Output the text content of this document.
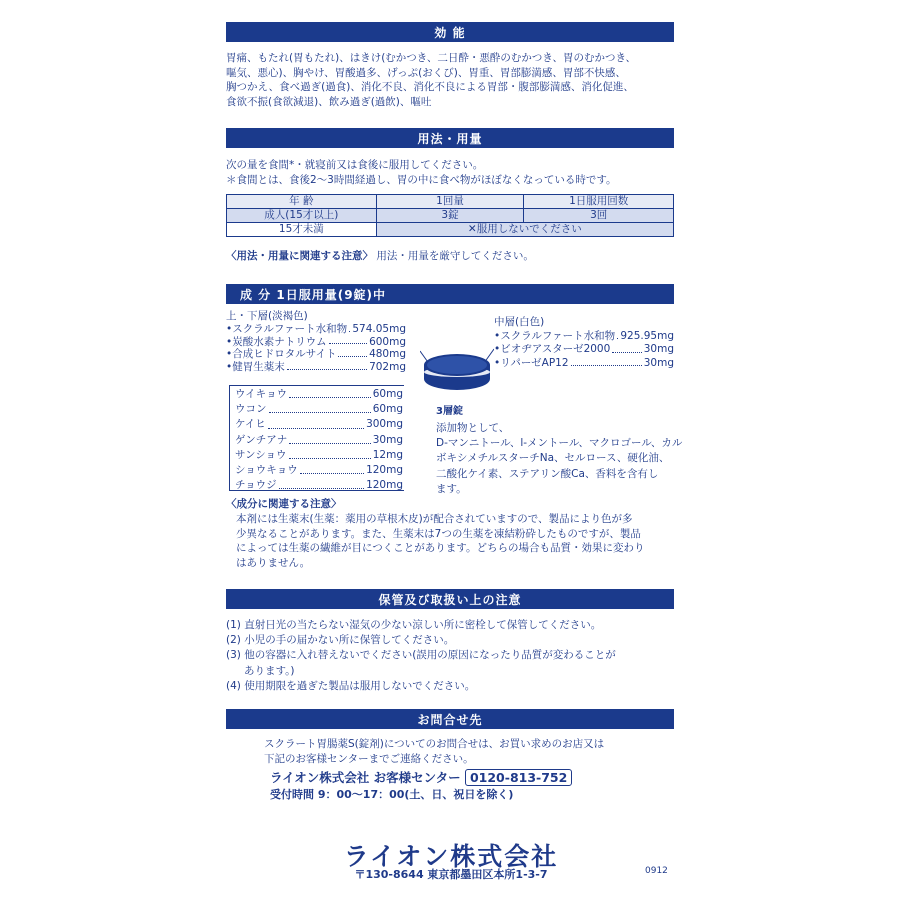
効 能
胃痛、もたれ(胃もたれ)、はきけ(むかつき、二日酔・悪酔のむかつき、胃のむかつき、
嘔気、悪心)、胸やけ、胃酸過多、げっぷ(おくび)、胃重、胃部膨満感、胃部不快感、
胸つかえ、食べ過ぎ(過食)、消化不良、消化不良による胃部・腹部膨満感、消化促進、
食欲不振(食欲減退)、飲み過ぎ(過飲)、嘔吐
用法・用量
次の量を食間*・就寝前又は食後に服用してください。
＊食間とは、食後2〜3時間経過し、胃の中に食べ物がほぼなくなっている時です。
年 齢	1回量	1日服用回数
成人(15才以上)	3錠	3回
15才未満	✕服用しないでください	
〈用法・用量に関連する注意〉 用法・用量を厳守してください。
成 分 1日服用量(9錠)中
上・下層(淡褐色)
•スクラルファート水和物 574.05mg
•炭酸水素ナトリウム	600mg
•合成ヒドロタルサイト	480mg
•健胃生薬末	702mg
ウイキョウ	60mg
ウコン	60mg
ケイヒ	300mg
ゲンチアナ	30mg
サンショウ	12mg
ショウキョウ	120mg
チョウジ	120mg
3層錠
中層(白色)
•スクラルファート水和物 925.95mg
•ビオヂアスターゼ2000	30mg
•リパーゼAP12	30mg
添加物として、
D-マンニトール、l-メントール、マクロゴール、カル
ボキシメチルスターチNa、セルロース、硬化油、
二酸化ケイ素、ステアリン酸Ca、香料を含有し
ます。
〈成分に関連する注意〉
本剤には生薬末(生薬：薬用の草根木皮)が配合されていますので、製品により色が多
少異なることがあります。また、生薬末は7つの生薬を凍結粉砕したものですが、製品
によっては生薬の繊維が目につくことがあります。どちらの場合も品質・効果に変わり
はありません。
保管及び取扱い上の注意
(1) 直射日光の当たらない湿気の少ない涼しい所に密栓して保管してください。
(2) 小児の手の届かない所に保管してください。
(3) 他の容器に入れ替えないでください(誤用の原因になったり品質が変わることが
あります。)
(4) 使用期限を過ぎた製品は服用しないでください。
お問合せ先
スクラート胃腸薬S(錠剤)についてのお問合せは、お買い求めのお店又は
下記のお客様センターまでご連絡ください。
ライオン株式会社 お客様センター 0120-813-752
受付時間 9：00〜17：00(土、日、祝日を除く)
ライオン株式会社
〒130-8644 東京都墨田区本所1-3-7	0912
